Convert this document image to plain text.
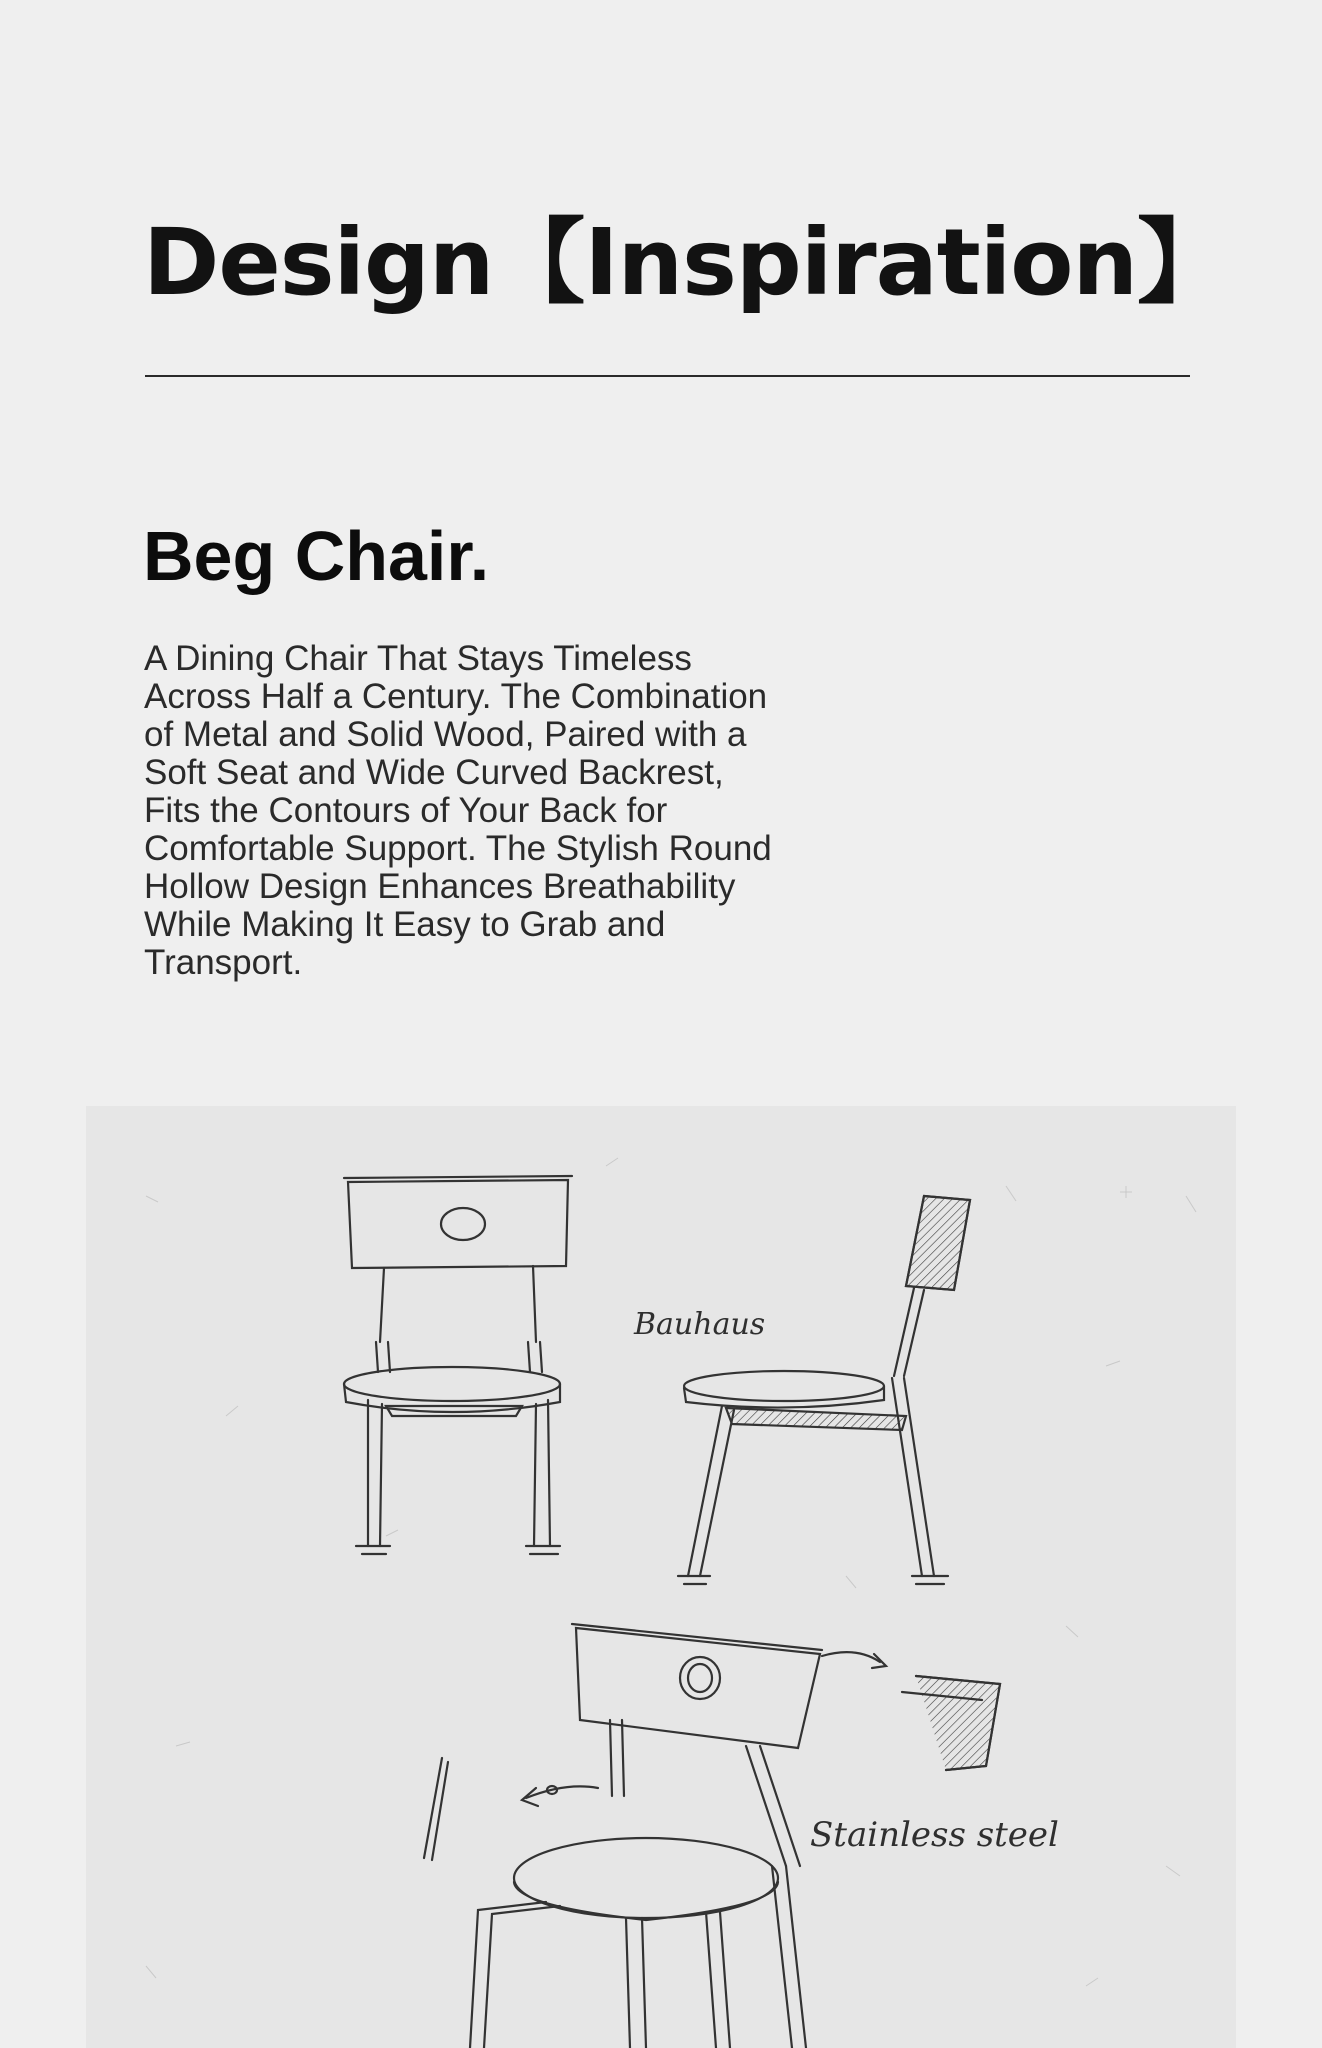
Design【Inspiration】
Beg Chair.

A Dining Chair That Stays Timeless Across Half a Century. The Combination of Metal and Solid Wood, Paired with a Soft Seat and Wide Curved Backrest, Fits the Contours of Your Back for Comfortable Support. The Stylish Round Hollow Design Enhances Breathability While Making It Easy to Grab and Transport.

Bauhaus
Stainless steel
